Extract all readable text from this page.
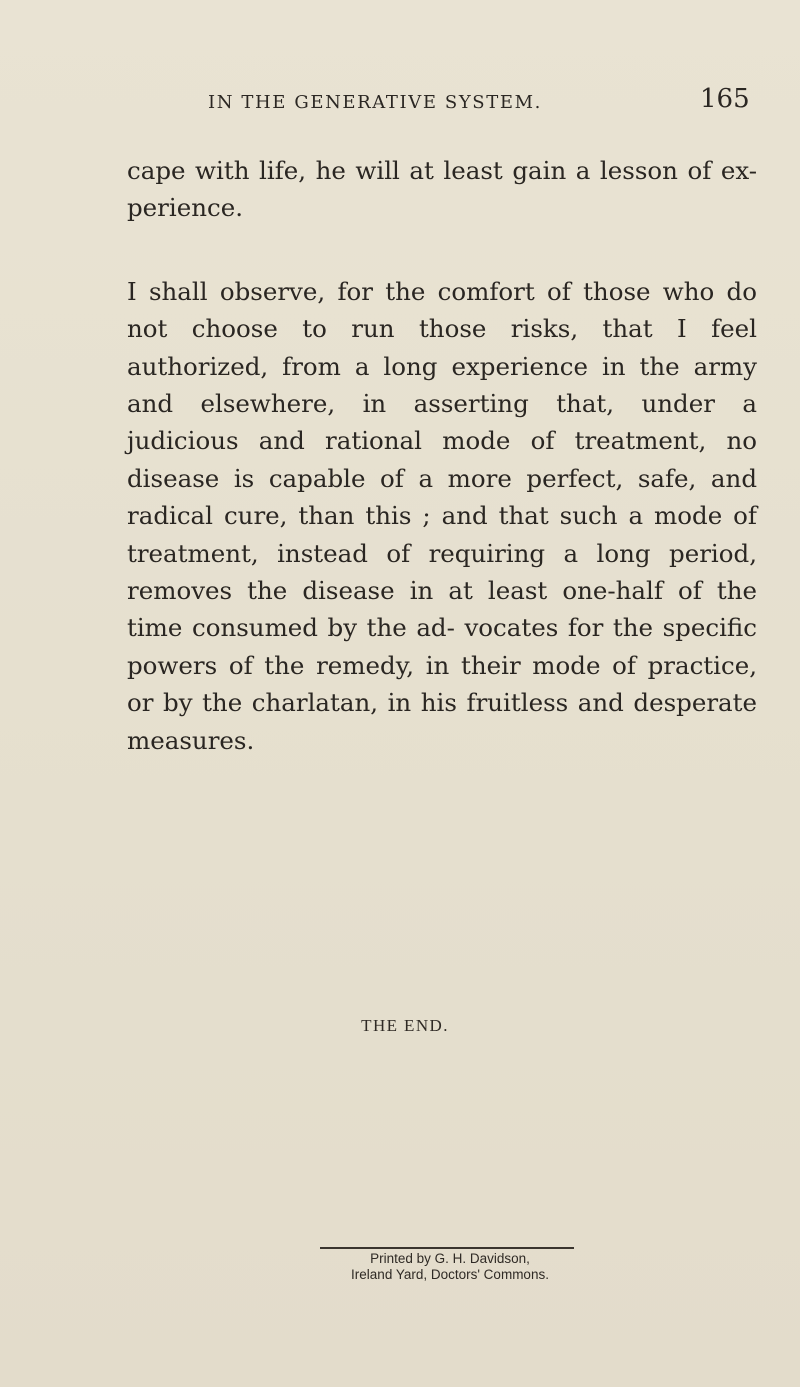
IN THE GENERATIVE SYSTEM.	165

cape with life, he will at least gain a lesson of ex- perience.

I shall observe, for the comfort of those who do not choose to run those risks, that I feel authorized, from a long experience in the army and elsewhere, in asserting that, under a judicious and rational mode of treatment, no disease is capable of a more perfect, safe, and radical cure, than this ; and that such a mode of treatment, instead of requiring a long period, removes the disease in at least one-half of the time consumed by the ad- vocates for the specific powers of the remedy, in their mode of practice, or by the charlatan, in his fruitless and desperate measures.

THE END.
Printed by G. H. Davidson,
Ireland Yard, Doctors' Commons.
